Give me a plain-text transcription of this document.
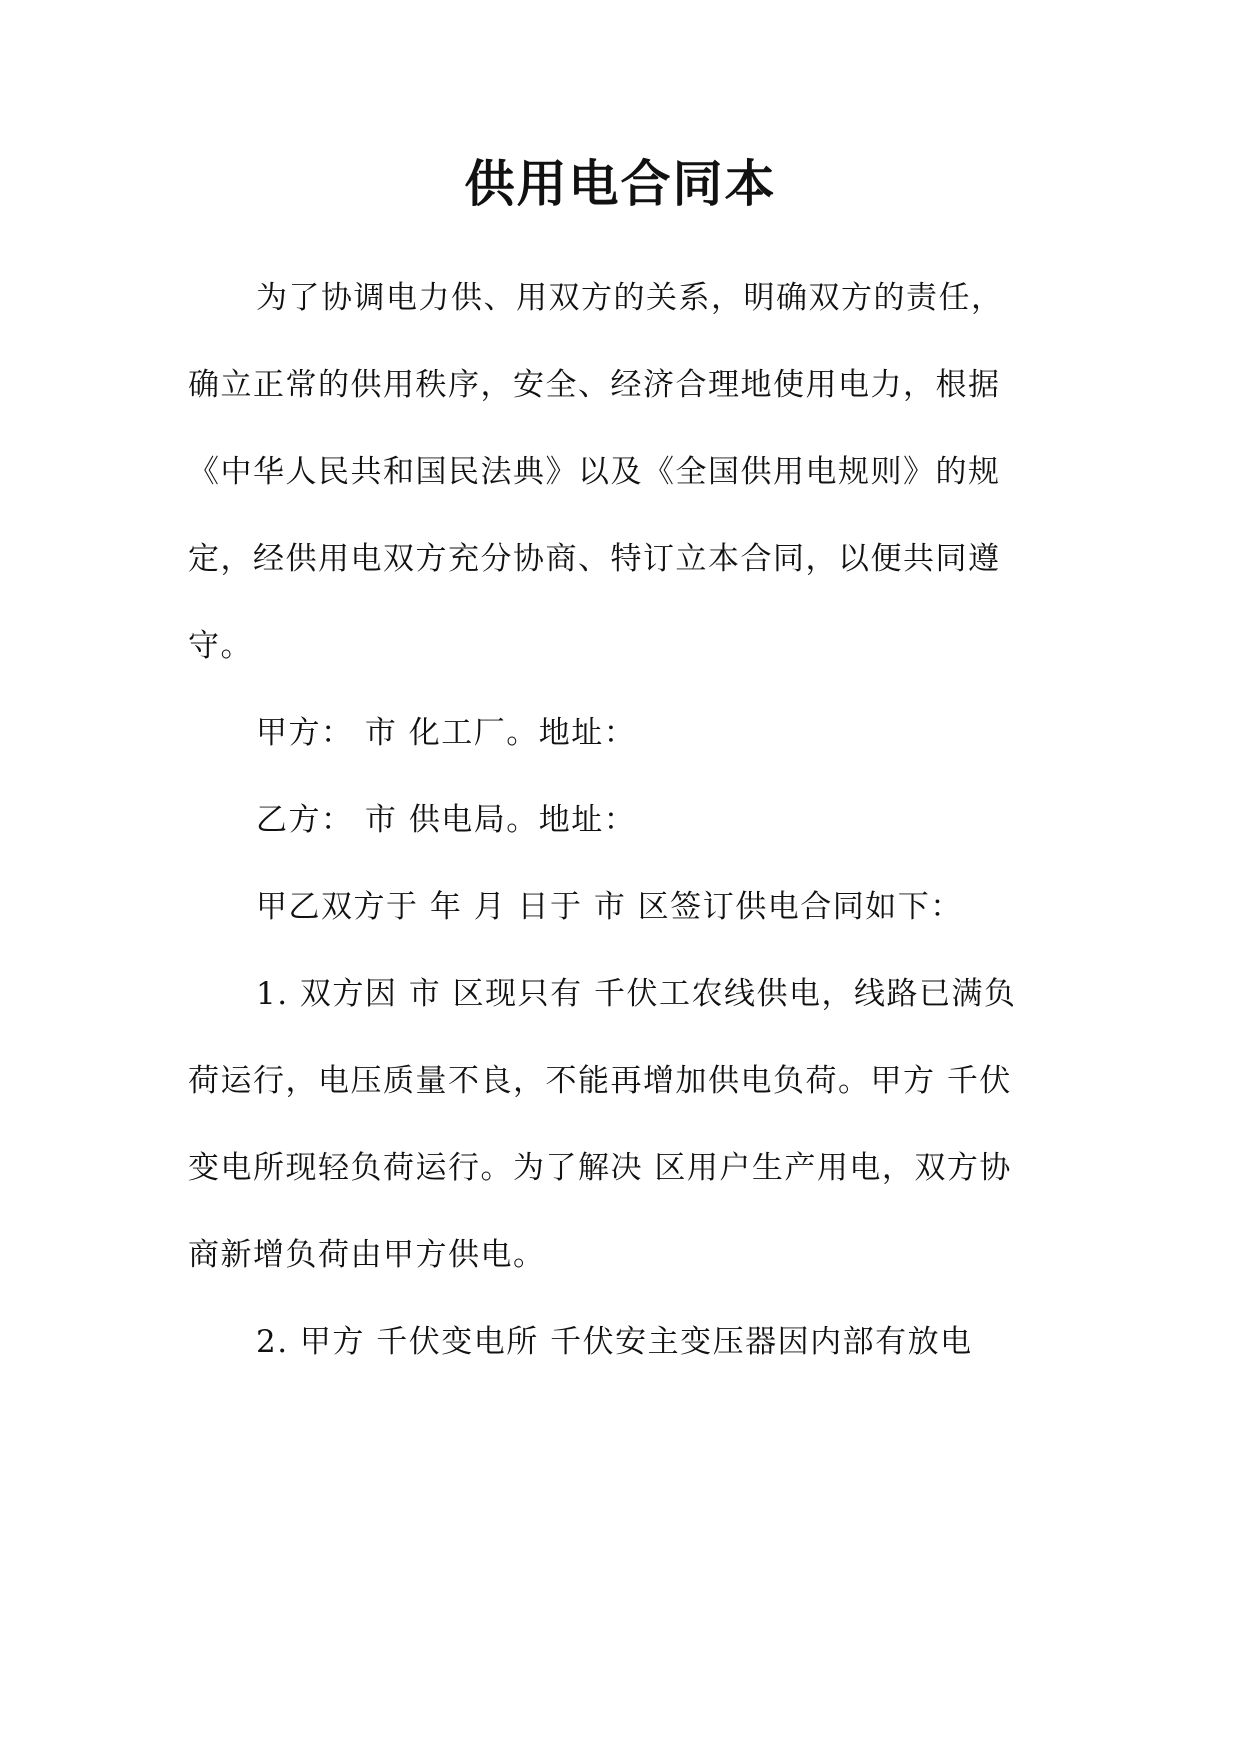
供用电合同本

为了协调电力供、用双方的关系，明确双方的责任，

确立正常的供用秩序，安全、经济合理地使用电力，根据

《中华人民共和国民法典》以及《全国供用电规则》的规

定，经供用电双方充分协商、特订立本合同，以便共同遵

守。

甲方： 市 化工厂。地址：

乙方： 市 供电局。地址：

甲乙双方于 年 月 日于 市 区签订供电合同如下：

1. 双方因 市 区现只有 千伏工农线供电，线路已满负

荷运行，电压质量不良，不能再增加供电负荷。甲方 千伏

变电所现轻负荷运行。为了解决 区用户生产用电，双方协

商新增负荷由甲方供电。

2. 甲方 千伏变电所 千伏安主变压器因内部有放电
